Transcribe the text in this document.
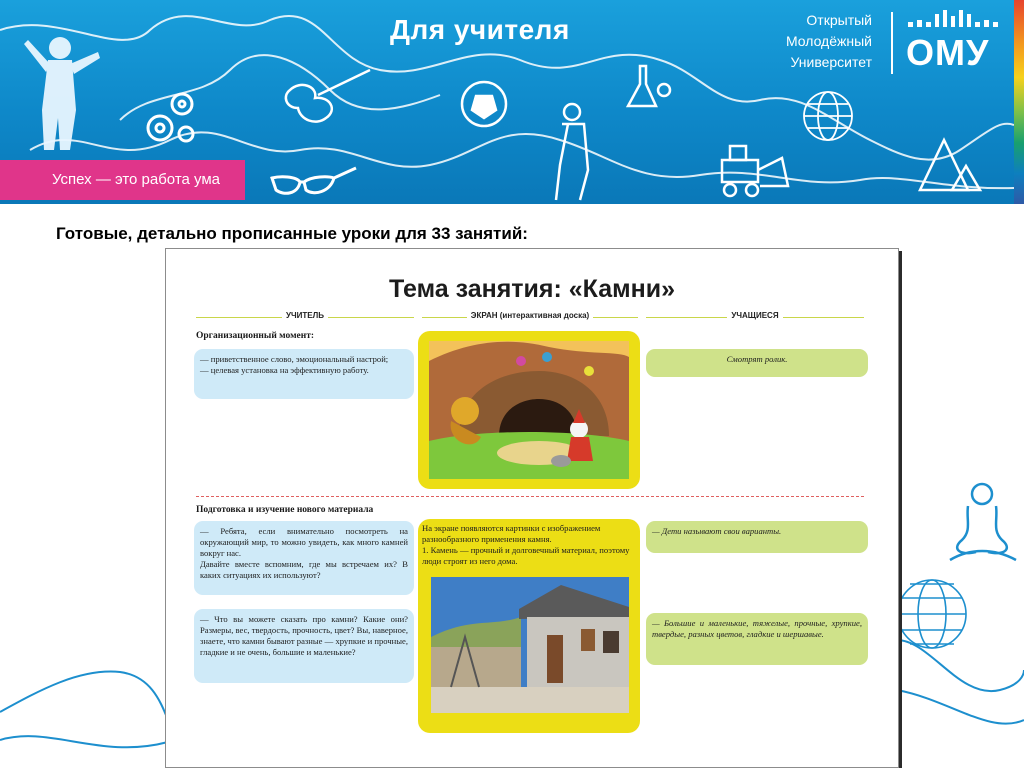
Для учителя
Успех — это работа ума
Открытый
Молодёжный
Университет ОМУ
Готовые, детально прописанные уроки для 33 занятий:
Тема занятия: «Камни»
УЧИТЕЛЬ	ЭКРАН (интерактивная доска)	УЧАЩИЕСЯ
Организационный момент:
— приветственное слово, эмоциональный настрой;
— целевая установка на эффективную работу.
Смотрят ролик.
Подготовка и изучение нового материала
— Ребята, если внимательно посмотреть на окружающий мир, то можно увидеть, как много камней вокруг нас.
Давайте вместе вспомним, где мы встречаем их? В каких ситуациях их используют?
— Что вы можете сказать про камни? Какие они? Размеры, вес, твердость, прочность, цвет? Вы, наверное, знаете, что камни бывают разные — хрупкие и прочные, гладкие и не очень, большие и маленькие?
На экране появляются картинки с изображением разнообразного применения камня.
1. Камень — прочный и долговечный материал, поэтому люди строят из него дома.
— Дети называют свои варианты.
— Большие и маленькие, тяжелые, прочные, хрупкие, твердые, разных цветов, гладкие и шершавые.
